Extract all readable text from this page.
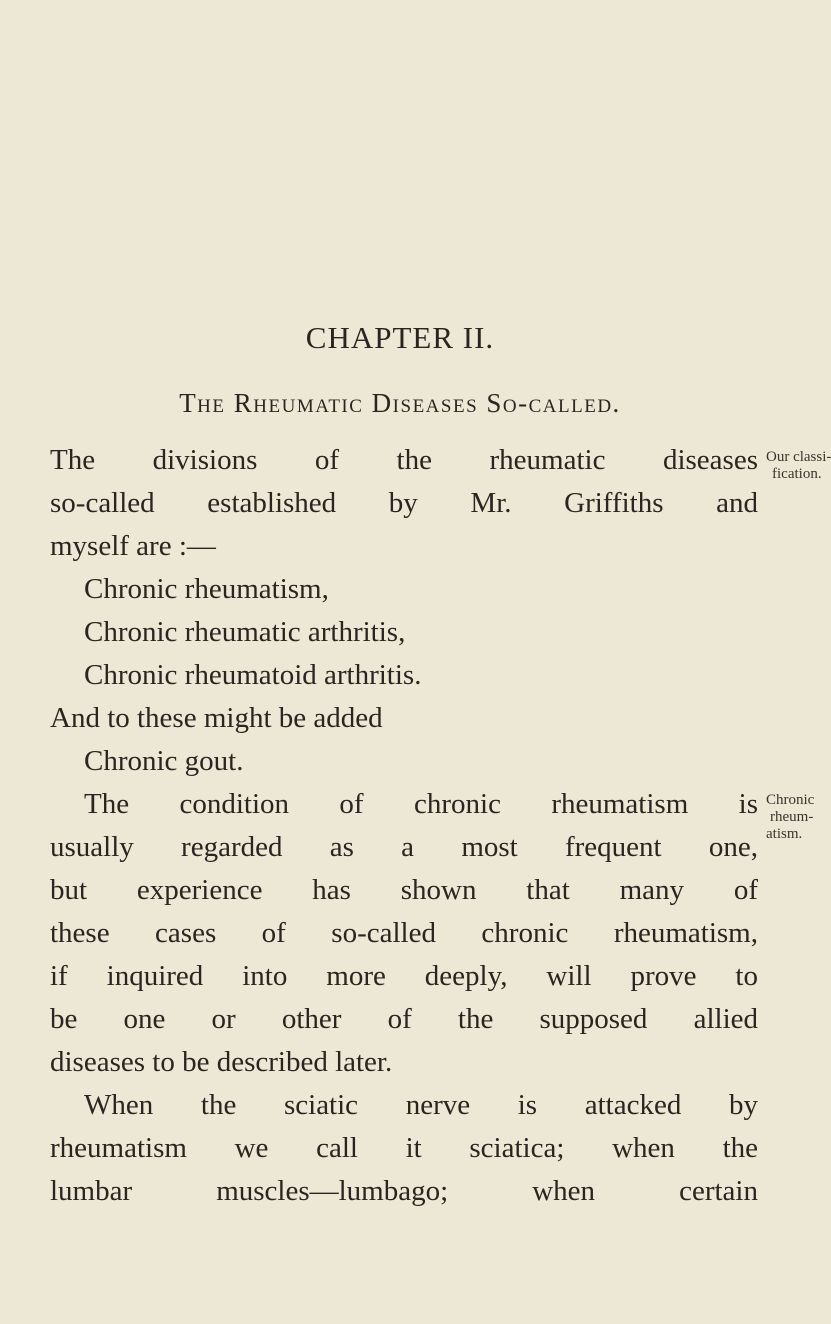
CHAPTER II.
The Rheumatic Diseases So-called.
The divisions of the rheumatic diseases
so-called established by Mr. Griffiths and
myself are :—
Chronic rheumatism,
Chronic rheumatic arthritis,
Chronic rheumatoid arthritis.
And to these might be added
Chronic gout.
The condition of chronic rheumatism is
usually regarded as a most frequent one,
but experience has shown that many of
these cases of so-called chronic rheumatism,
if inquired into more deeply, will prove to
be one or other of the supposed allied
diseases to be described later.
When the sciatic nerve is attacked by
rheumatism we call it sciatica; when the
lumbar muscles—lumbago; when certain
Our classi-
fication.
Chronic
rheum-
atism.
